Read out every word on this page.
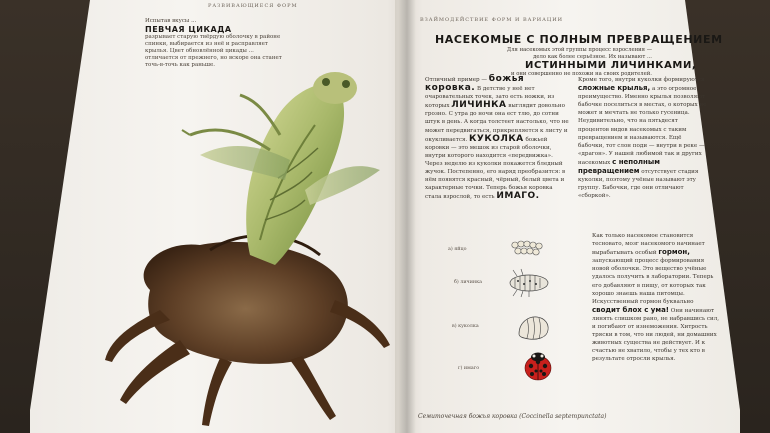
РАЗВИВАЮЩИЕСЯ ФОРМ
ВЗАЙМОДЕЙСТВИЕ ФОРМ И ВАРИАЦИИ

Испытав вкусы ...

ПЕВЧАЯ ЦИКАДА

разрывает старую твёрдую оболочку в районе

спинки, выбирается из неё и расправляет

крылья. Цвет обновлённой цикады ...

отличается от прежнего, но вскоре она станет

точь-в-точь как раньше.

НАСЕКОМЫЕ С ПОЛНЫМ ПРЕВРАЩЕНИЕМ
Для насекомых этой группы процесс взросления —
дело как более серьёзное. Их называют ...
ИСТИННЫМИ ЛИЧИНКАМИ,
и они совершенно не похожи на своих родителей.

Отличный пример — божья коровка. В детстве у неё нет очаровательных точек, зато есть ножки, из которых ЛИЧИНКА выглядит довольно грозно. С утра до ночи она ест тлю, до сотни штук в день. А когда толстеет настолько, что не может передвигаться, прикрепляется к листу и окукливается. КУКОЛКА божьей коровки — это мешок из старой оболочки, внутри которого находится «передвижка». Через неделю из куколки покажется бледный жучок. Постепенно, его наряд преобразится: в нём появятся красный, чёрный, белый цвета и характерные точки. Теперь божья коровка стала взрослой, то есть ИМАГО.

Кроме того, внутри куколки формируются сложные крылья, а это огромное преимущество. Именно крылья позволяют бабочке поселиться в местах, о которых не может и мечтать не только гусеница. Неудивительно, что на пятьдесят процентов видов насекомых с таким превращением и называются. Ещё бабочки, тот слон поди — внутри в реке — «драгон». У нашей любимой так и других насекомых с неполным превращением отсутствует стадия куколки, поэтому учёные называют эту группу. Бабочки, где они отличают «сборкой».

Как только насекомое становится тесновато, мозг насекомого начинает вырабатывать особый гормон, запускающий процесс формирования новой оболочки. Это вещество учёные удалось получить в лаборатории. Теперь его добавляют в пищу, от которых так хорошо знаешь наша питомцы. Искусственный гормон буквально сводит блох с ума! Они начинают линять слишком рано, не набравшись сил, и погибают от изнеможения. Хитрость тряски в том, что ни людей, ни домашних животных существа не действует. И к счастью не хватило, чтобы у тех кто в результате отросли крылья.

а) яйцо
б) личинка
в) куколка
г) имаго
Семиточечная божья коровка (Coccinella septempunctata)
